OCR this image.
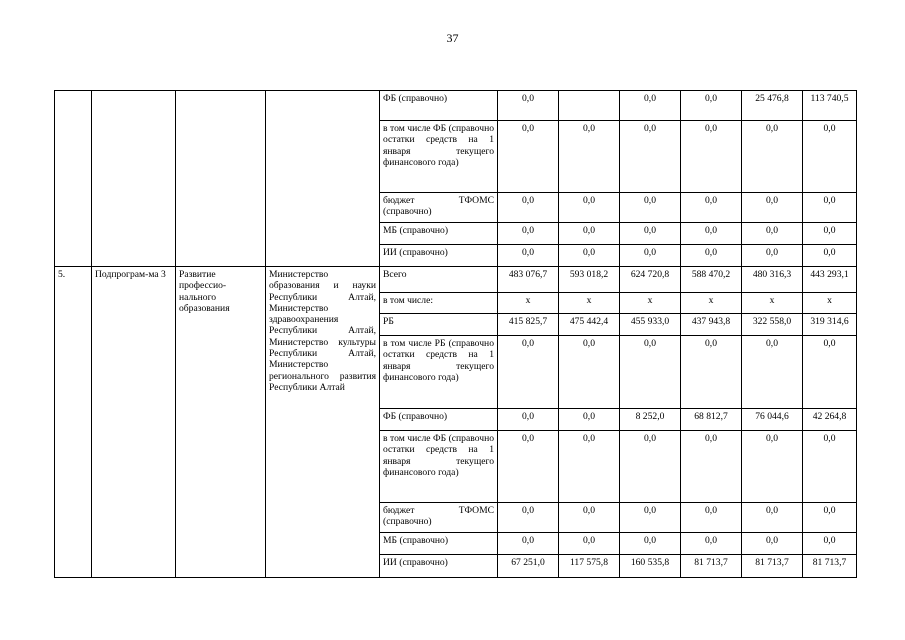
37
				ФБ (справочно)	0,0		0,0	0,0	25 476,8	113 740,5
				в том числе ФБ (справочно остатки средств на 1 января текущего финансового года)	0,0	0,0	0,0	0,0	0,0	0,0
				бюджет ТФОМС (справочно)	0,0	0,0	0,0	0,0	0,0	0,0
				МБ (справочно)	0,0	0,0	0,0	0,0	0,0	0,0
				ИИ (справочно)	0,0	0,0	0,0	0,0	0,0	0,0
5.	Подпрограм-ма 3	Развитие профессио-нального образования	Министерство образования и науки Республики Алтай, Министерство здравоохранения Республики Алтай, Министерство культуры Республики Алтай, Министерство регионального развития Республики Алтай	Всего	483 076,7	593 018,2	624 720,8	588 470,2	480 316,3	443 293,1
				в том числе:	х	х	х	х	х	х
				РБ	415 825,7	475 442,4	455 933,0	437 943,8	322 558,0	319 314,6
				в том числе РБ (справочно остатки средств на 1 января текущего финансового года)	0,0	0,0	0,0	0,0	0,0	0,0
				ФБ (справочно)	0,0	0,0	8 252,0	68 812,7	76 044,6	42 264,8
				в том числе ФБ (справочно остатки средств на 1 января текущего финансового года)	0,0	0,0	0,0	0,0	0,0	0,0
				бюджет ТФОМС (справочно)	0,0	0,0	0,0	0,0	0,0	0,0
				МБ (справочно)	0,0	0,0	0,0	0,0	0,0	0,0
				ИИ (справочно)	67 251,0	117 575,8	160 535,8	81 713,7	81 713,7	81 713,7
